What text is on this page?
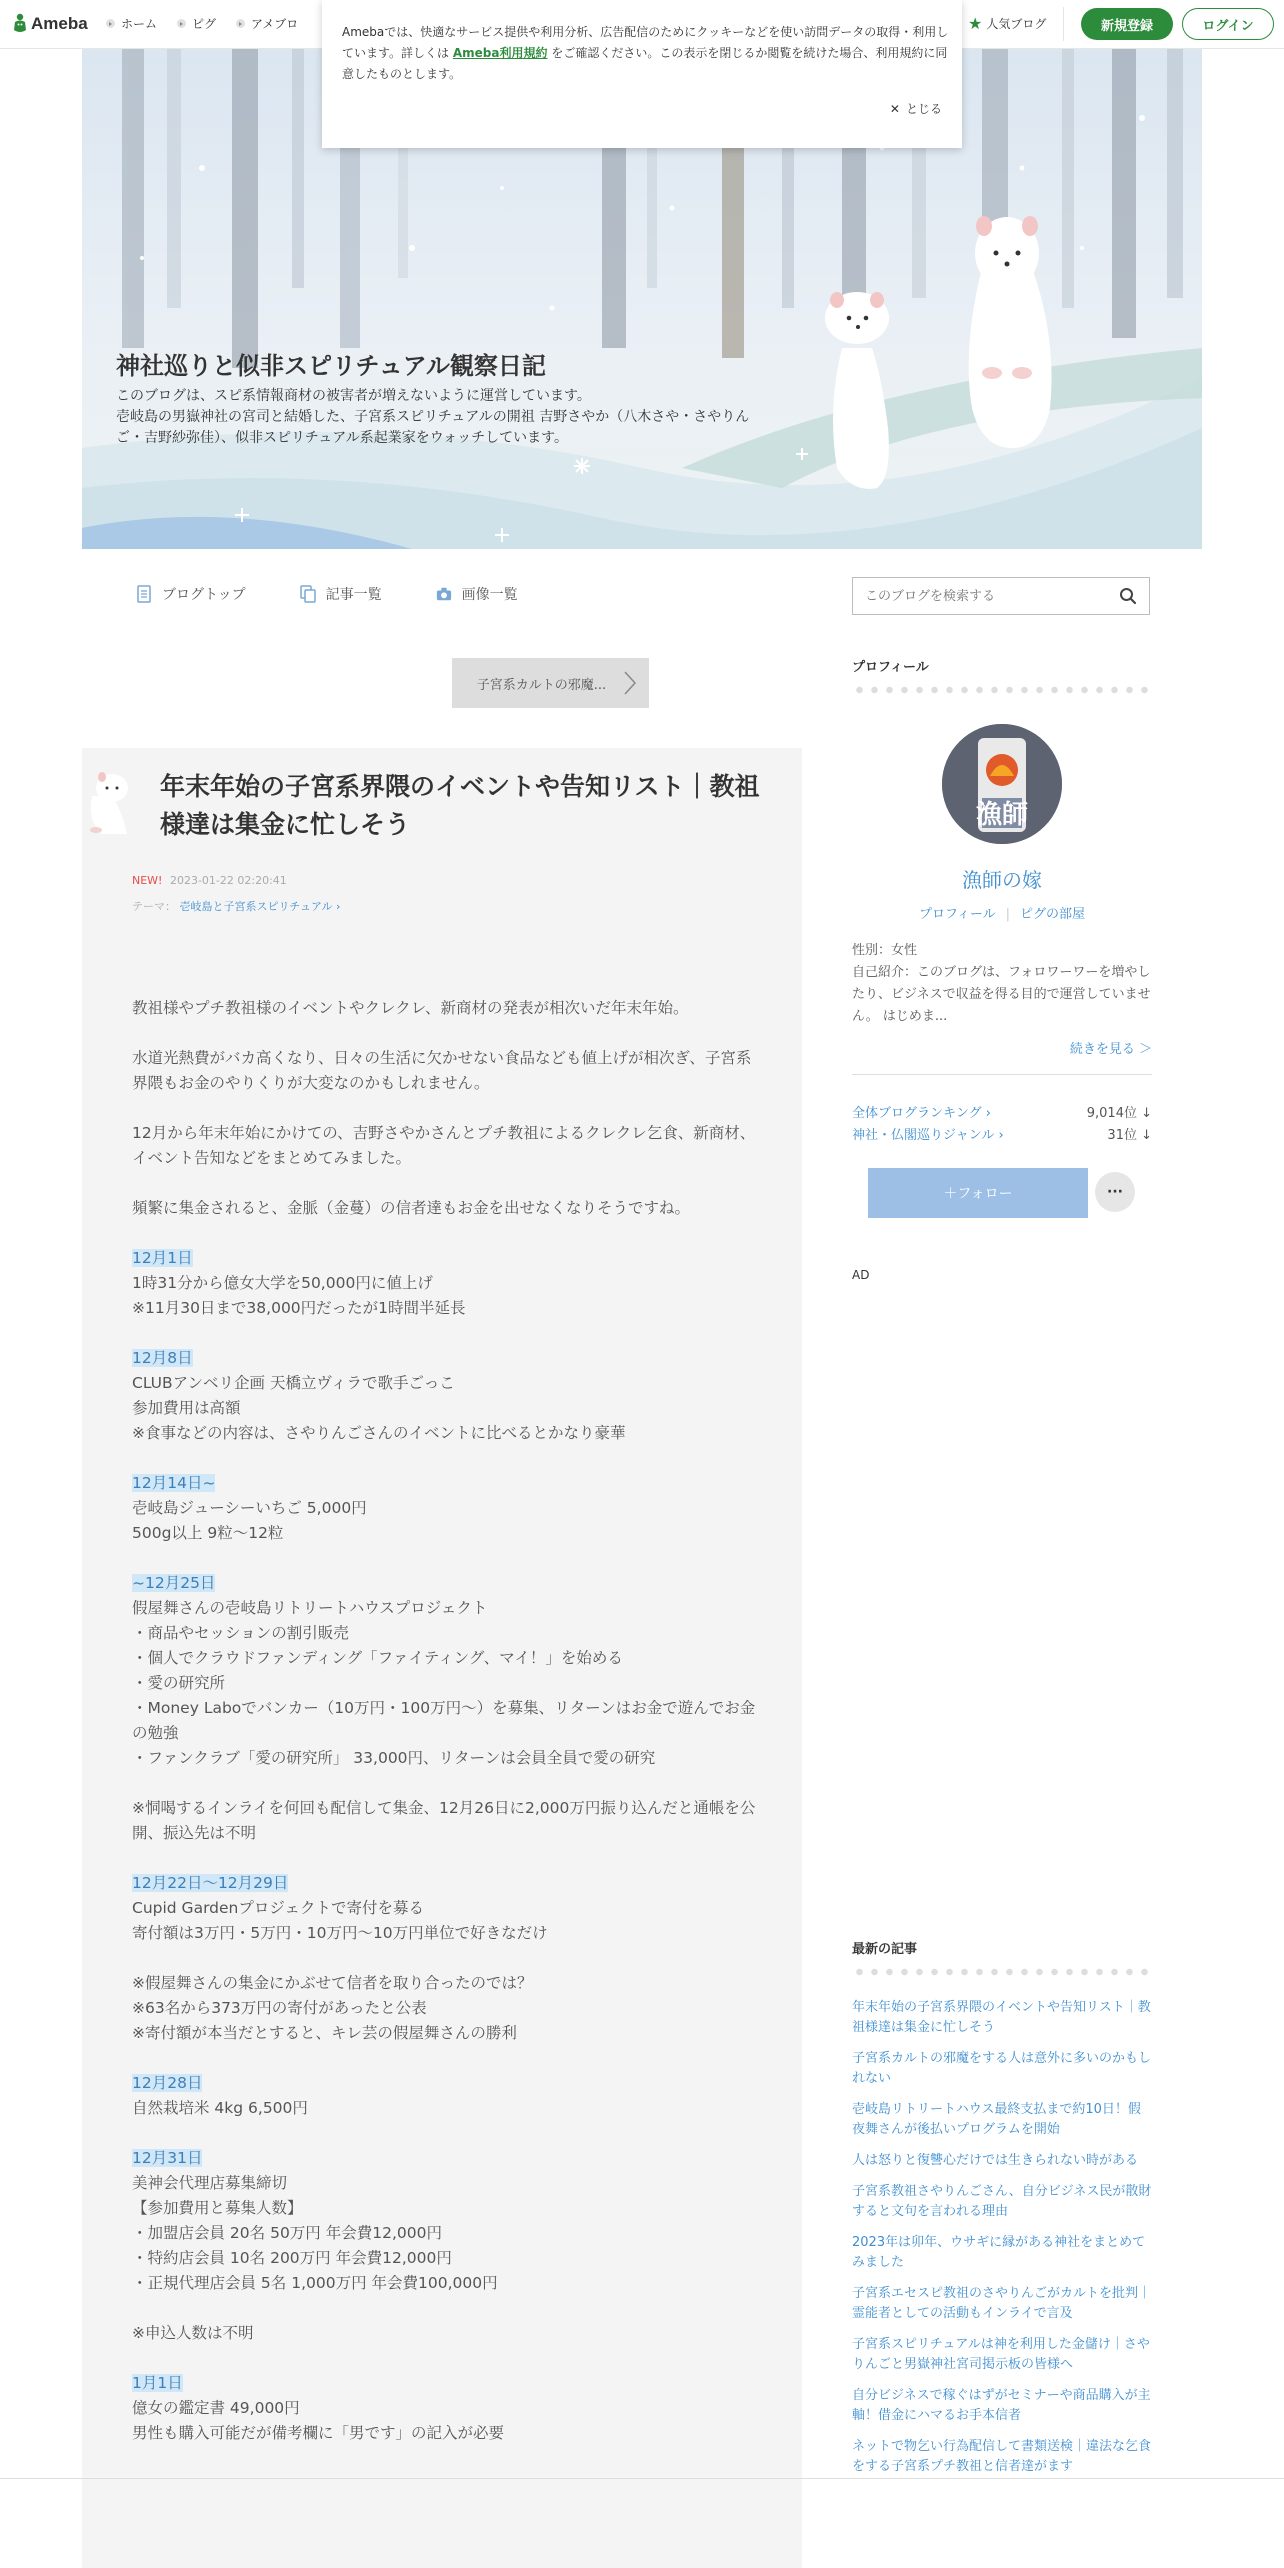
Ameba	ホーム	ピグ	アメブロ	★ 人気ブログ	新規登録	ログイン
Amebaでは、快適なサービス提供や利用分析、広告配信のためにクッキーなどを使い訪問データの取得・利用しています。詳しくは Ameba利用規約 をご確認ください。この表示を閉じるか閲覧を続けた場合、利用規約に同意したものとします。
✕ とじる
神社巡りと似非スピリチュアル観察日記
このブログは、スピ系情報商材の被害者が増えないように運営しています。
壱岐島の男嶽神社の宮司と結婚した、子宮系スピリチュアルの開祖 吉野さやか（八木さや・さやりんご・吉野紗弥佳）、似非スピリチュアル系起業家をウォッチしています。
ブログトップ	記事一覧	画像一覧
このブログを検索する
子宮系カルトの邪魔...
年末年始の子宮系界隈のイベントや告知リスト｜教祖様達は集金に忙しそう
NEW! 2023-01-22 02:20:41
テーマ： 壱岐島と子宮系スピリチュアル ›

教祖様やプチ教祖様のイベントやクレクレ、新商材の発表が相次いだ年末年始。

水道光熱費がバカ高くなり、日々の生活に欠かせない食品なども値上げが相次ぎ、子宮系界隈もお金のやりくりが大変なのかもしれません。

12月から年末年始にかけての、吉野さやかさんとプチ教祖によるクレクレ乞食、新商材、イベント告知などをまとめてみました。

頻繁に集金されると、金脈（金蔓）の信者達もお金を出せなくなりそうですね。

12月1日

1時31分から億女大学を50,000円に値上げ

※11月30日まで38,000円だったが1時間半延長

12月8日

CLUBアンベリ企画 天橋立ヴィラで歌手ごっこ

参加費用は高額

※食事などの内容は、さやりんごさんのイベントに比べるとかなり豪華

12月14日~

壱岐島ジューシーいちご 5,000円

500g以上 9粒～12粒

~12月25日

假屋舞さんの壱岐島リトリートハウスプロジェクト

・商品やセッションの割引販売

・個人でクラウドファンディング「ファイティング、マイ！」を始める

・愛の研究所

・Money Laboでバンカー（10万円・100万円～）を募集、リターンはお金で遊んでお金の勉強

・ファンクラブ「愛の研究所」 33,000円、リターンは会員全員で愛の研究

※恫喝するインライを何回も配信して集金、12月26日に2,000万円振り込んだと通帳を公開、振込先は不明

12月22日～12月29日

Cupid Gardenプロジェクトで寄付を募る

寄付額は3万円・5万円・10万円～10万円単位で好きなだけ

※假屋舞さんの集金にかぶせて信者を取り合ったのでは？

※63名から373万円の寄付があったと公表

※寄付額が本当だとすると、キレ芸の假屋舞さんの勝利

12月28日

自然栽培米 4kg 6,500円

12月31日

美神会代理店募集締切

【参加費用と募集人数】

・加盟店会員 20名 50万円 年会費12,000円

・特約店会員 10名 200万円 年会費12,000円

・正規代理店会員 5名 1,000万円 年会費100,000円

※申込人数は不明

1月1日

億女の鑑定書 49,000円

男性も購入可能だが備考欄に「男です」の記入が必要

プロフィール
漁師
漁師の嫁
プロフィール | ピグの部屋
性別：女性
自己紹介：このブログは、フォロワーワーを増やしたり、ビジネスで収益を得る目的で運営していません。 はじめま...
続きを見る ＞
全体ブログランキング ›	9,014位 ↓
神社・仏閣巡りジャンル ›	31位 ↓
＋フォロー	···
AD
最新の記事
年末年始の子宮系界隈のイベントや告知リスト｜教祖様達は集金に忙しそう
子宮系カルトの邪魔をする人は意外に多いのかもしれない
壱岐島リトリートハウス最終支払まで約10日！假夜舞さんが後払いプログラムを開始
人は怒りと復讐心だけでは生きられない時がある
子宮系教祖さやりんごさん、自分ビジネス民が散財すると文句を言われる理由
2023年は卯年、ウサギに縁がある神社をまとめてみました
子宮系エセスピ教祖のさやりんごがカルトを批判｜霊能者としての活動もインライで言及
子宮系スピリチュアルは神を利用した金儲け｜さやりんごと男嶽神社宮司掲示板の皆様へ
自分ビジネスで稼ぐはずがセミナーや商品購入が主軸！借金にハマるお手本信者
ネットで物乞い行為配信して書類送検｜違法な乞食をする子宮系プチ教祖と信者達がます
